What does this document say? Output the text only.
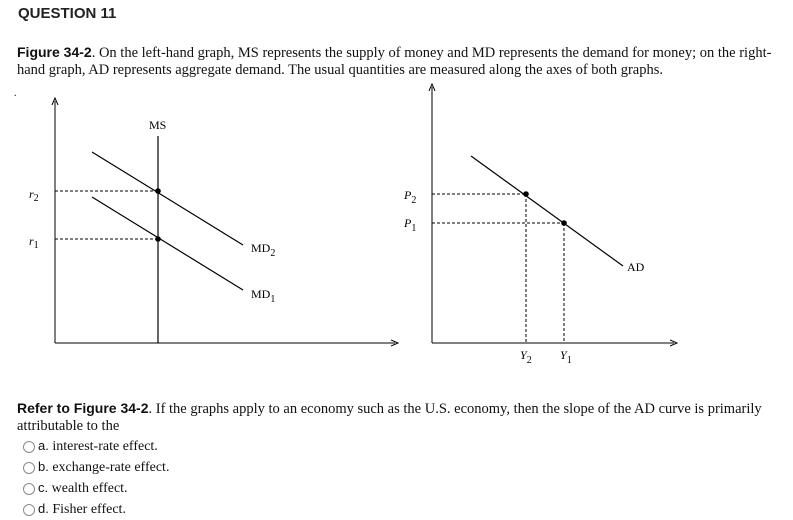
QUESTION 11
Figure 34-2. On the left-hand graph, MS represents the supply of money and MD represents the demand for money; on the right-hand graph, AD represents aggregate demand. The usual quantities are measured along the axes of both graphs.
.
MS
$MD_2$
$MD_1$
$r_2$
$r_1$
$P_2$
$P_1$
AD
$Y_2$ $Y_1$
Refer to Figure 34-2. If the graphs apply to an economy such as the U.S. economy, then the slope of the AD curve is primarily attributable to the
a. interest-rate effect.
b. exchange-rate effect.
c. wealth effect.
d. Fisher effect.
